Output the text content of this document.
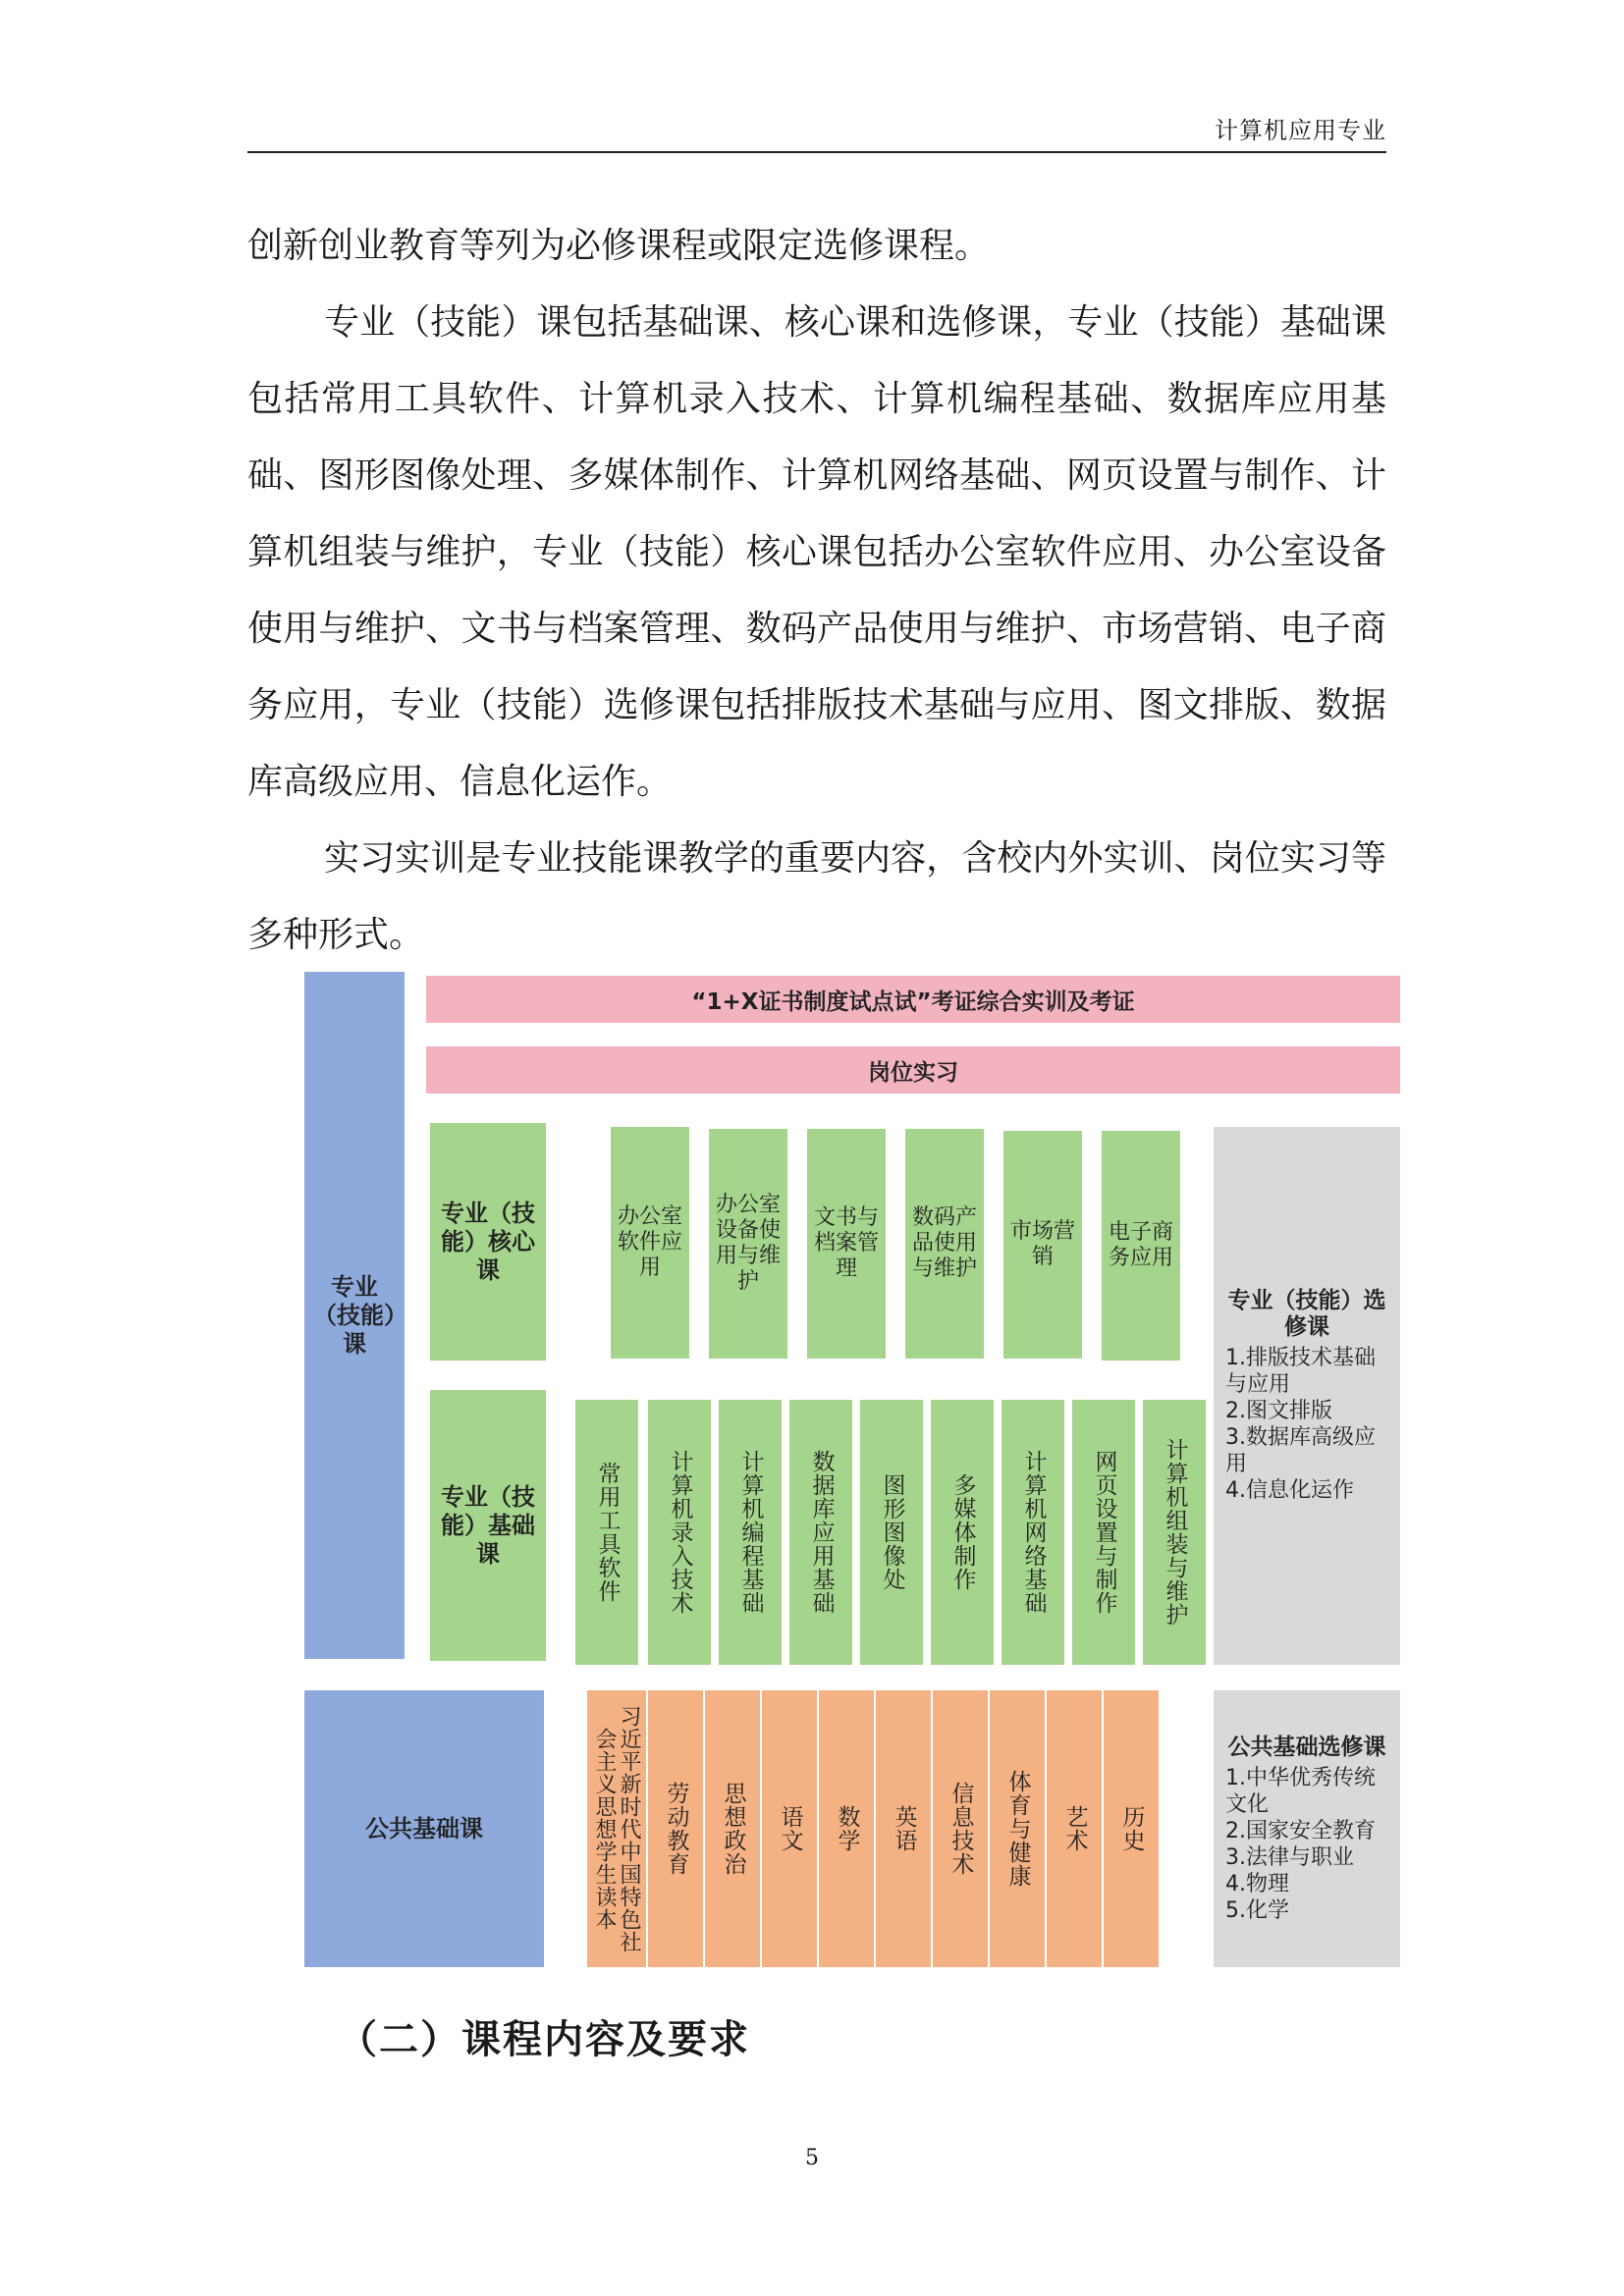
计算机应用专业

创新创业教育等列为必修课程或限定选修课程。

专业（技能）课包括基础课、核心课和选修课，专业（技能）基础课包括常用工具软件、计算机录入技术、计算机编程基础、数据库应用基础、图形图像处理、多媒体制作、计算机网络基础、网页设置与制作、计算机组装与维护，专业（技能）核心课包括办公室软件应用、办公室设备使用与维护、文书与档案管理、数码产品使用与维护、市场营销、电子商务应用，专业（技能）选修课包括排版技术基础与应用、图文排版、数据库高级应用、信息化运作。

实习实训是专业技能课教学的重要内容，含校内外实训、岗位实习等多种形式。

专业（技能）课
“1+X证书制度试点试”考证综合实训及考证
岗位实习
专业（技能）核心课
办公室软件应用
办公室设备使用与维护
文书与档案管理
数码产品使用与维护
市场营销
电子商务应用
专业（技能）选修课
1.排版技术基础与应用
2.图文排版
3.数据库高级应用
4.信息化运作
专业（技能）基础课	常用工具软件 计算机录入技术 计算机编程基础 数据库应用基础 图形图像处 多媒体制作 计算机网络基础 网页设置与制作 计算机组装与维护
公共基础课	习近平新时代中国特色社会主义思想学生读本	劳动教育 思想政治 语文 数学 英语 信息技术 体育与健康 艺术 历史
公共基础选修课
1.中华优秀传统文化
2.国家安全教育
3.法律与职业
4.物理
5.化学
（二）课程内容及要求
5
